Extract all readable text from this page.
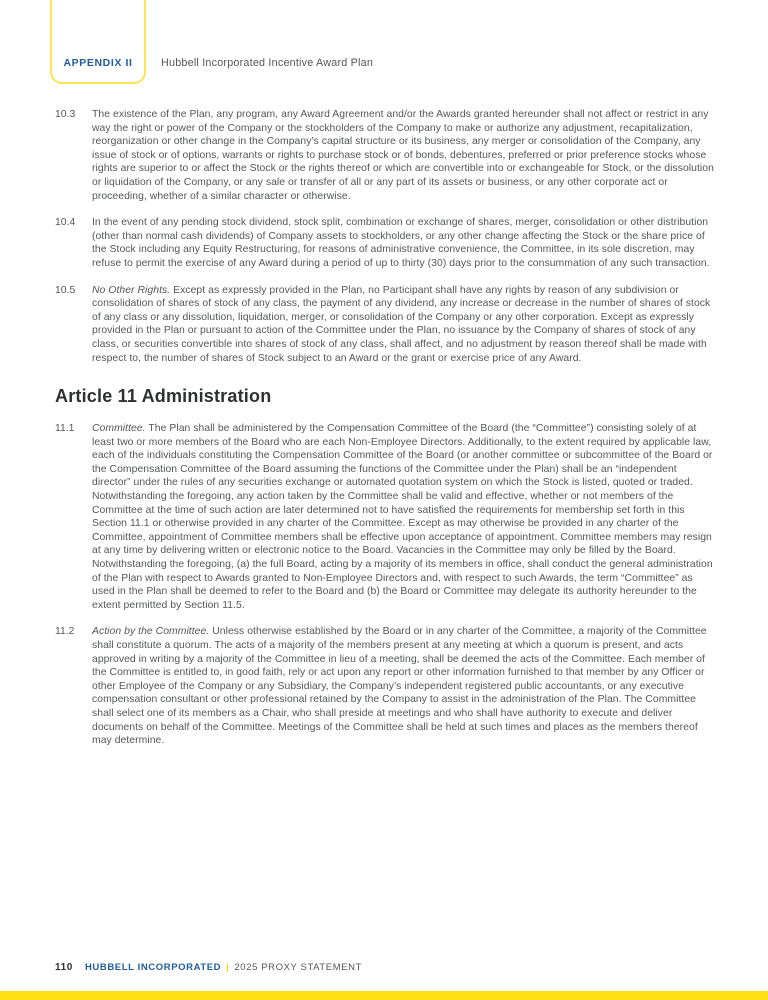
APPENDIX II	Hubbell Incorporated Incentive Award Plan
10.3	The existence of the Plan, any program, any Award Agreement and/or the Awards granted hereunder shall not affect or restrict in any way the right or power of the Company or the stockholders of the Company to make or authorize any adjustment, recapitalization, reorganization or other change in the Company’s capital structure or its business, any merger or consolidation of the Company, any issue of stock or of options, warrants or rights to purchase stock or of bonds, debentures, preferred or prior preference stocks whose rights are superior to or affect the Stock or the rights thereof or which are convertible into or exchangeable for Stock, or the dissolution or liquidation of the Company, or any sale or transfer of all or any part of its assets or business, or any other corporate act or proceeding, whether of a similar character or otherwise.

10.4	In the event of any pending stock dividend, stock split, combination or exchange of shares, merger, consolidation or other distribution (other than normal cash dividends) of Company assets to stockholders, or any other change affecting the Stock or the share price of the Stock including any Equity Restructuring, for reasons of administrative convenience, the Committee, in its sole discretion, may refuse to permit the exercise of any Award during a period of up to thirty (30) days prior to the consummation of any such transaction.

10.5	No Other Rights. Except as expressly provided in the Plan, no Participant shall have any rights by reason of any subdivision or consolidation of shares of stock of any class, the payment of any dividend, any increase or decrease in the number of shares of stock of any class or any dissolution, liquidation, merger, or consolidation of the Company or any other corporation. Except as expressly provided in the Plan or pursuant to action of the Committee under the Plan, no issuance by the Company of shares of stock of any class, or securities convertible into shares of stock of any class, shall affect, and no adjustment by reason thereof shall be made with respect to, the number of shares of Stock subject to an Award or the grant or exercise price of any Award.

Article 11 Administration
11.1	Committee. The Plan shall be administered by the Compensation Committee of the Board (the “Committee”) consisting solely of at least two or more members of the Board who are each Non-Employee Directors. Additionally, to the extent required by applicable law, each of the individuals constituting the Compensation Committee of the Board (or another committee or subcommittee of the Board or the Compensation Committee of the Board assuming the functions of the Committee under the Plan) shall be an “independent director” under the rules of any securities exchange or automated quotation system on which the Stock is listed, quoted or traded. Notwithstanding the foregoing, any action taken by the Committee shall be valid and effective, whether or not members of the Committee at the time of such action are later determined not to have satisfied the requirements for membership set forth in this Section 11.1 or otherwise provided in any charter of the Committee. Except as may otherwise be provided in any charter of the Committee, appointment of Committee members shall be effective upon acceptance of appointment. Committee members may resign at any time by delivering written or electronic notice to the Board. Vacancies in the Committee may only be filled by the Board. Notwithstanding the foregoing, (a) the full Board, acting by a majority of its members in office, shall conduct the general administration of the Plan with respect to Awards granted to Non-Employee Directors and, with respect to such Awards, the term “Committee” as used in the Plan shall be deemed to refer to the Board and (b) the Board or Committee may delegate its authority hereunder to the extent permitted by Section 11.5.

11.2	Action by the Committee. Unless otherwise established by the Board or in any charter of the Committee, a majority of the Committee shall constitute a quorum. The acts of a majority of the members present at any meeting at which a quorum is present, and acts approved in writing by a majority of the Committee in lieu of a meeting, shall be deemed the acts of the Committee. Each member of the Committee is entitled to, in good faith, rely or act upon any report or other information furnished to that member by any Officer or other Employee of the Company or any Subsidiary, the Company’s independent registered public accountants, or any executive compensation consultant or other professional retained by the Company to assist in the administration of the Plan. The Committee shall select one of its members as a Chair, who shall preside at meetings and who shall have authority to execute and deliver documents on behalf of the Committee. Meetings of the Committee shall be held at such times and places as the members thereof may determine.

110 HUBBELL INCORPORATED | 2025 PROXY STATEMENT
